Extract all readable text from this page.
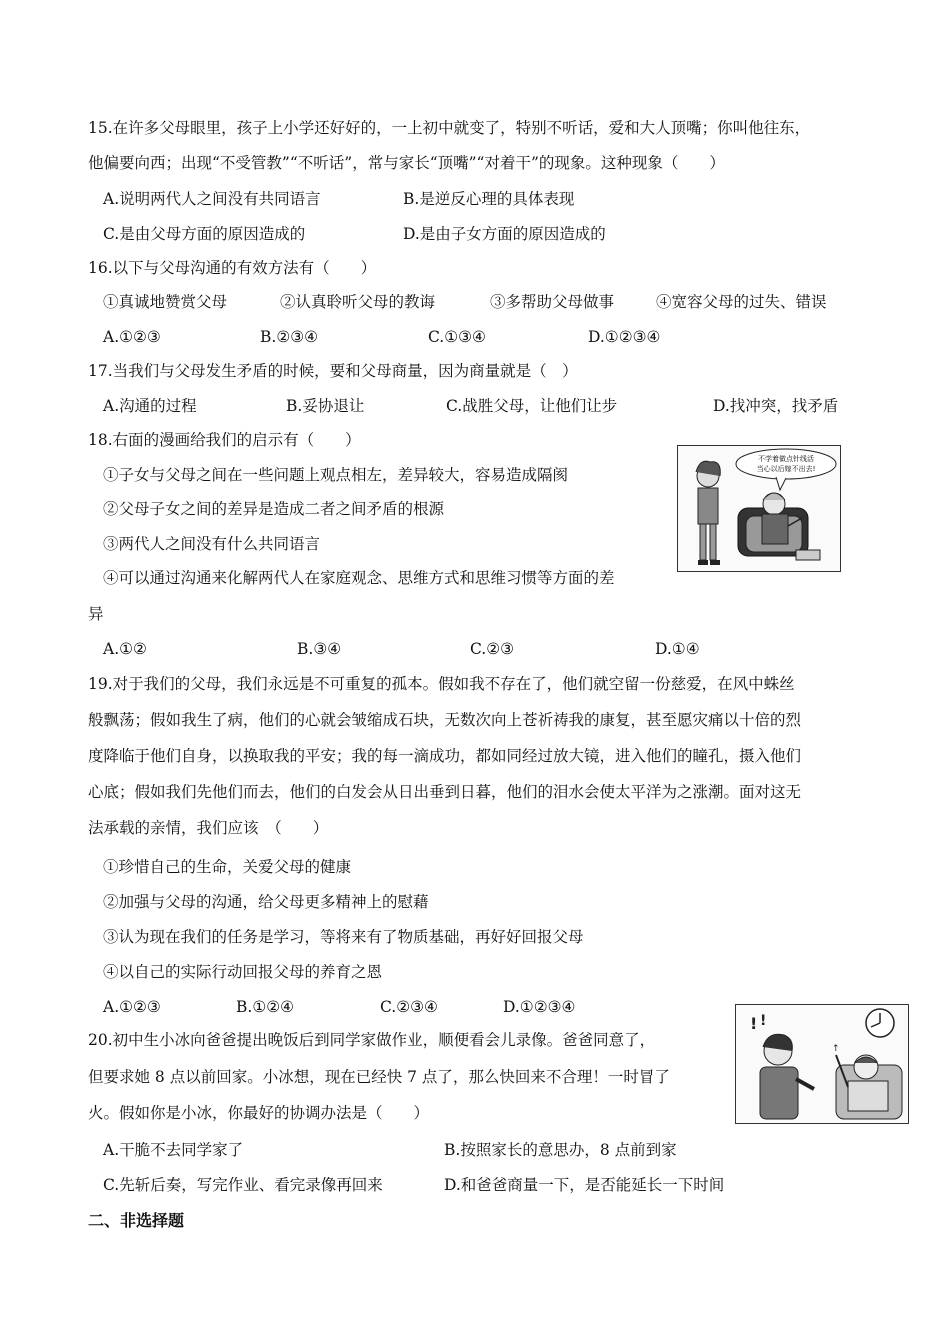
15.在许多父母眼里，孩子上小学还好好的，一上初中就变了，特别不听话，爱和大人顶嘴；你叫他往东，
他偏要向西；出现“不受管教”“不听话”，常与家长“顶嘴”“对着干”的现象。这种现象（　　）
A.说明两代人之间没有共同语言	B.是逆反心理的具体表现
C.是由父母方面的原因造成的	D.是由子女方面的原因造成的
16.以下与父母沟通的有效方法有（　　）
①真诚地赞赏父母	②认真聆听父母的教诲	③多帮助父母做事	④宽容父母的过失、错误
A.①②③	B.②③④	C.①③④	D.①②③④
17.当我们与父母发生矛盾的时候，要和父母商量，因为商量就是（　）
A.沟通的过程	B.妥协退让	C.战胜父母，让他们让步	D.找冲突，找矛盾
18.右面的漫画给我们的启示有（　　）
①子女与父母之间在一些问题上观点相左，差异较大，容易造成隔阂
②父母子女之间的差异是造成二者之间矛盾的根源
③两代人之间没有什么共同语言
④可以通过沟通来化解两代人在家庭观念、思维方式和思维习惯等方面的差
异
A.①②	B.③④	C.②③	D.①④
不学着做点针线活
当心以后嫁不出去!
19.对于我们的父母，我们永远是不可重复的孤本。假如我不存在了，他们就空留一份慈爱，在风中蛛丝
般飘荡；假如我生了病，他们的心就会皱缩成石块，无数次向上苍祈祷我的康复，甚至愿灾痛以十倍的烈
度降临于他们自身，以换取我的平安；我的每一滴成功，都如同经过放大镜，进入他们的瞳孔，摄入他们
心底；假如我们先他们而去，他们的白发会从日出垂到日暮，他们的泪水会使太平洋为之涨潮。面对这无
法承载的亲情，我们应该　（　　）
①珍惜自己的生命，关爱父母的健康
②加强与父母的沟通，给父母更多精神上的慰藉
③认为现在我们的任务是学习，等将来有了物质基础，再好好回报父母
④以自己的实际行动回报父母的养育之恩
A.①②③	B.①②④	C.②③④	D.①②③④
20.初中生小冰向爸爸提出晚饭后到同学家做作业，顺便看会儿录像。爸爸同意了，
但要求她 8 点以前回家。小冰想，现在已经快 7 点了，那么快回来不合理！一时冒了
火。假如你是小冰，你最好的协调办法是（　　）
A.干脆不去同学家了	B.按照家长的意思办，8 点前到家
C.先斩后奏，写完作业、看完录像再回来	D.和爸爸商量一下，是否能延长一下时间
! !
↑
二、非选择题
